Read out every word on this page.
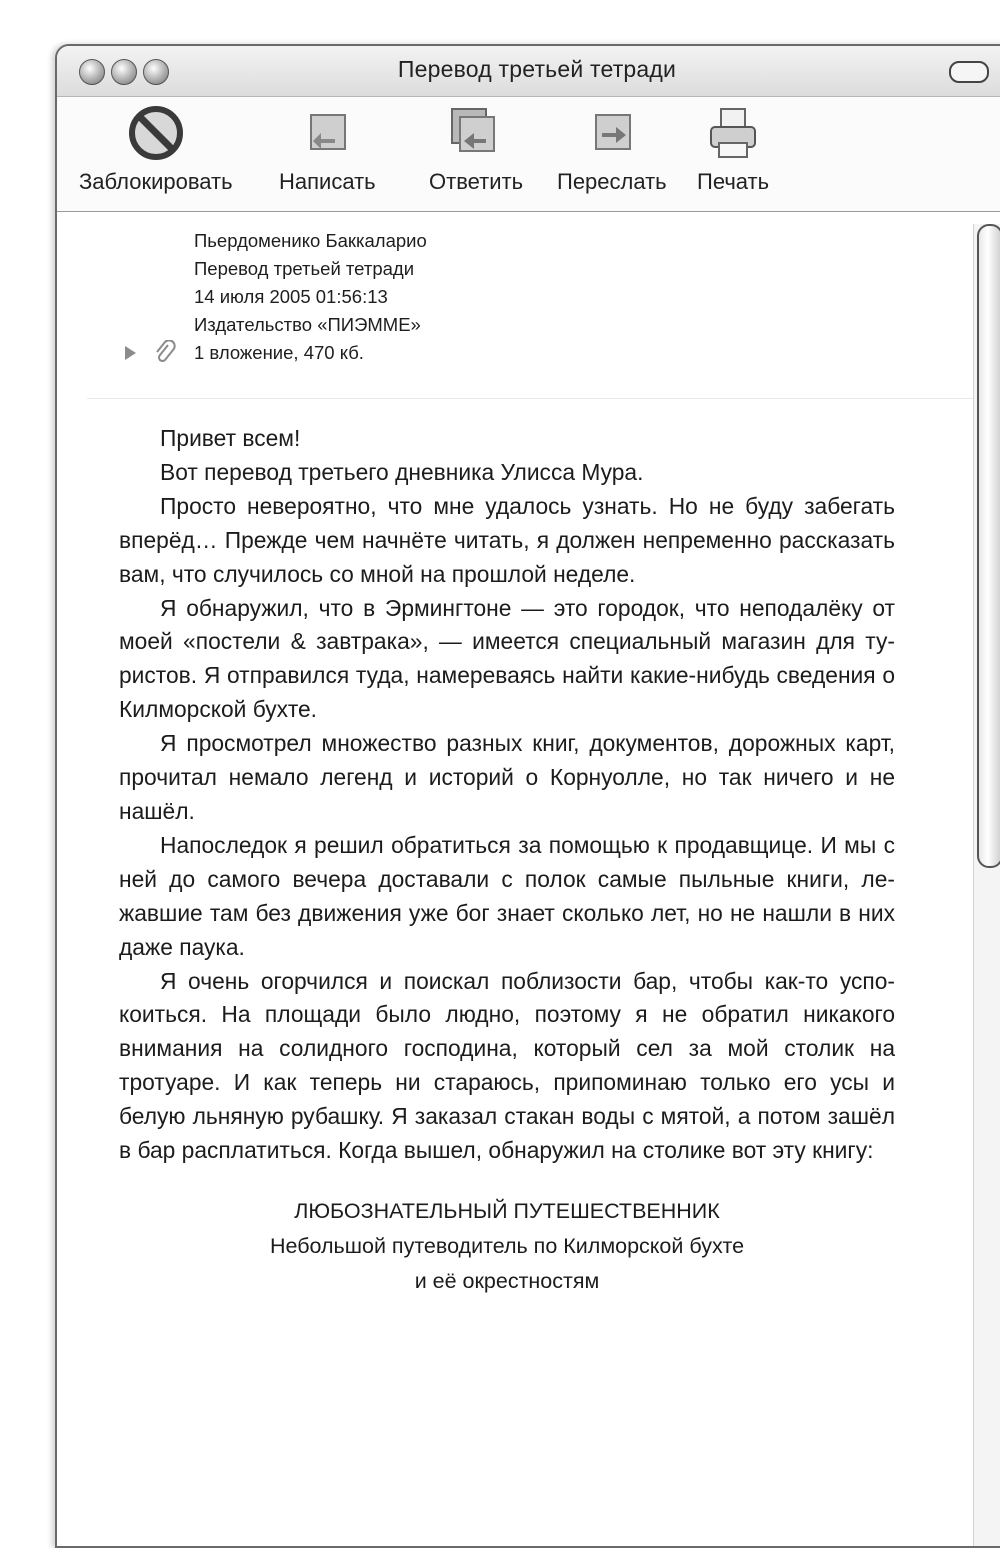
Перевод третьей тетради
Заблокировать Написать Ответить Переслать Печать
Пьердоменико Баккаларио
Перевод третьей тетради
14 июля 2005 01:56:13
Издательство «ПИЭММЕ»
1 вложение, 470 кб.

Привет всем!

Вот перевод третьего дневника Улисса Мура.

Просто невероятно, что мне удалось узнать. Но не буду забегать вперёд… Прежде чем начнёте читать, я должен непременно рассказать вам, что случилось со мной на прошлой неделе.

Я обнаружил, что в Эрмингтоне — это городок, что неподалёку от моей «постели & завтрака», — имеется специальный магазин для туристов. Я отправился туда, намереваясь найти какие-нибудь сведения о Килморской бухте.

Я просмотрел множество разных книг, документов, дорожных карт, прочитал немало легенд и историй о Корнуолле, но так ничего и не нашёл.

Напоследок я решил обратиться за помощью к продавщице. И мы с ней до самого вечера доставали с полок самые пыльные книги, лежавшие там без движения уже бог знает сколько лет, но не нашли в них даже паука.

Я очень огорчился и поискал поблизости бар, чтобы как-то успокоиться. На площади было людно, поэтому я не обратил никакого внимания на солидного господина, который сел за мой столик на тротуаре. И как теперь ни стараюсь, припоминаю только его усы и белую льняную рубашку. Я заказал стакан воды с мятой, а потом зашёл в бар расплатиться. Когда вышел, обнаружил на столике вот эту книгу:

ЛЮБОЗНАТЕЛЬНЫЙ ПУТЕШЕСТВЕННИК
Небольшой путеводитель по Килморской бухте
и её окрестностям
